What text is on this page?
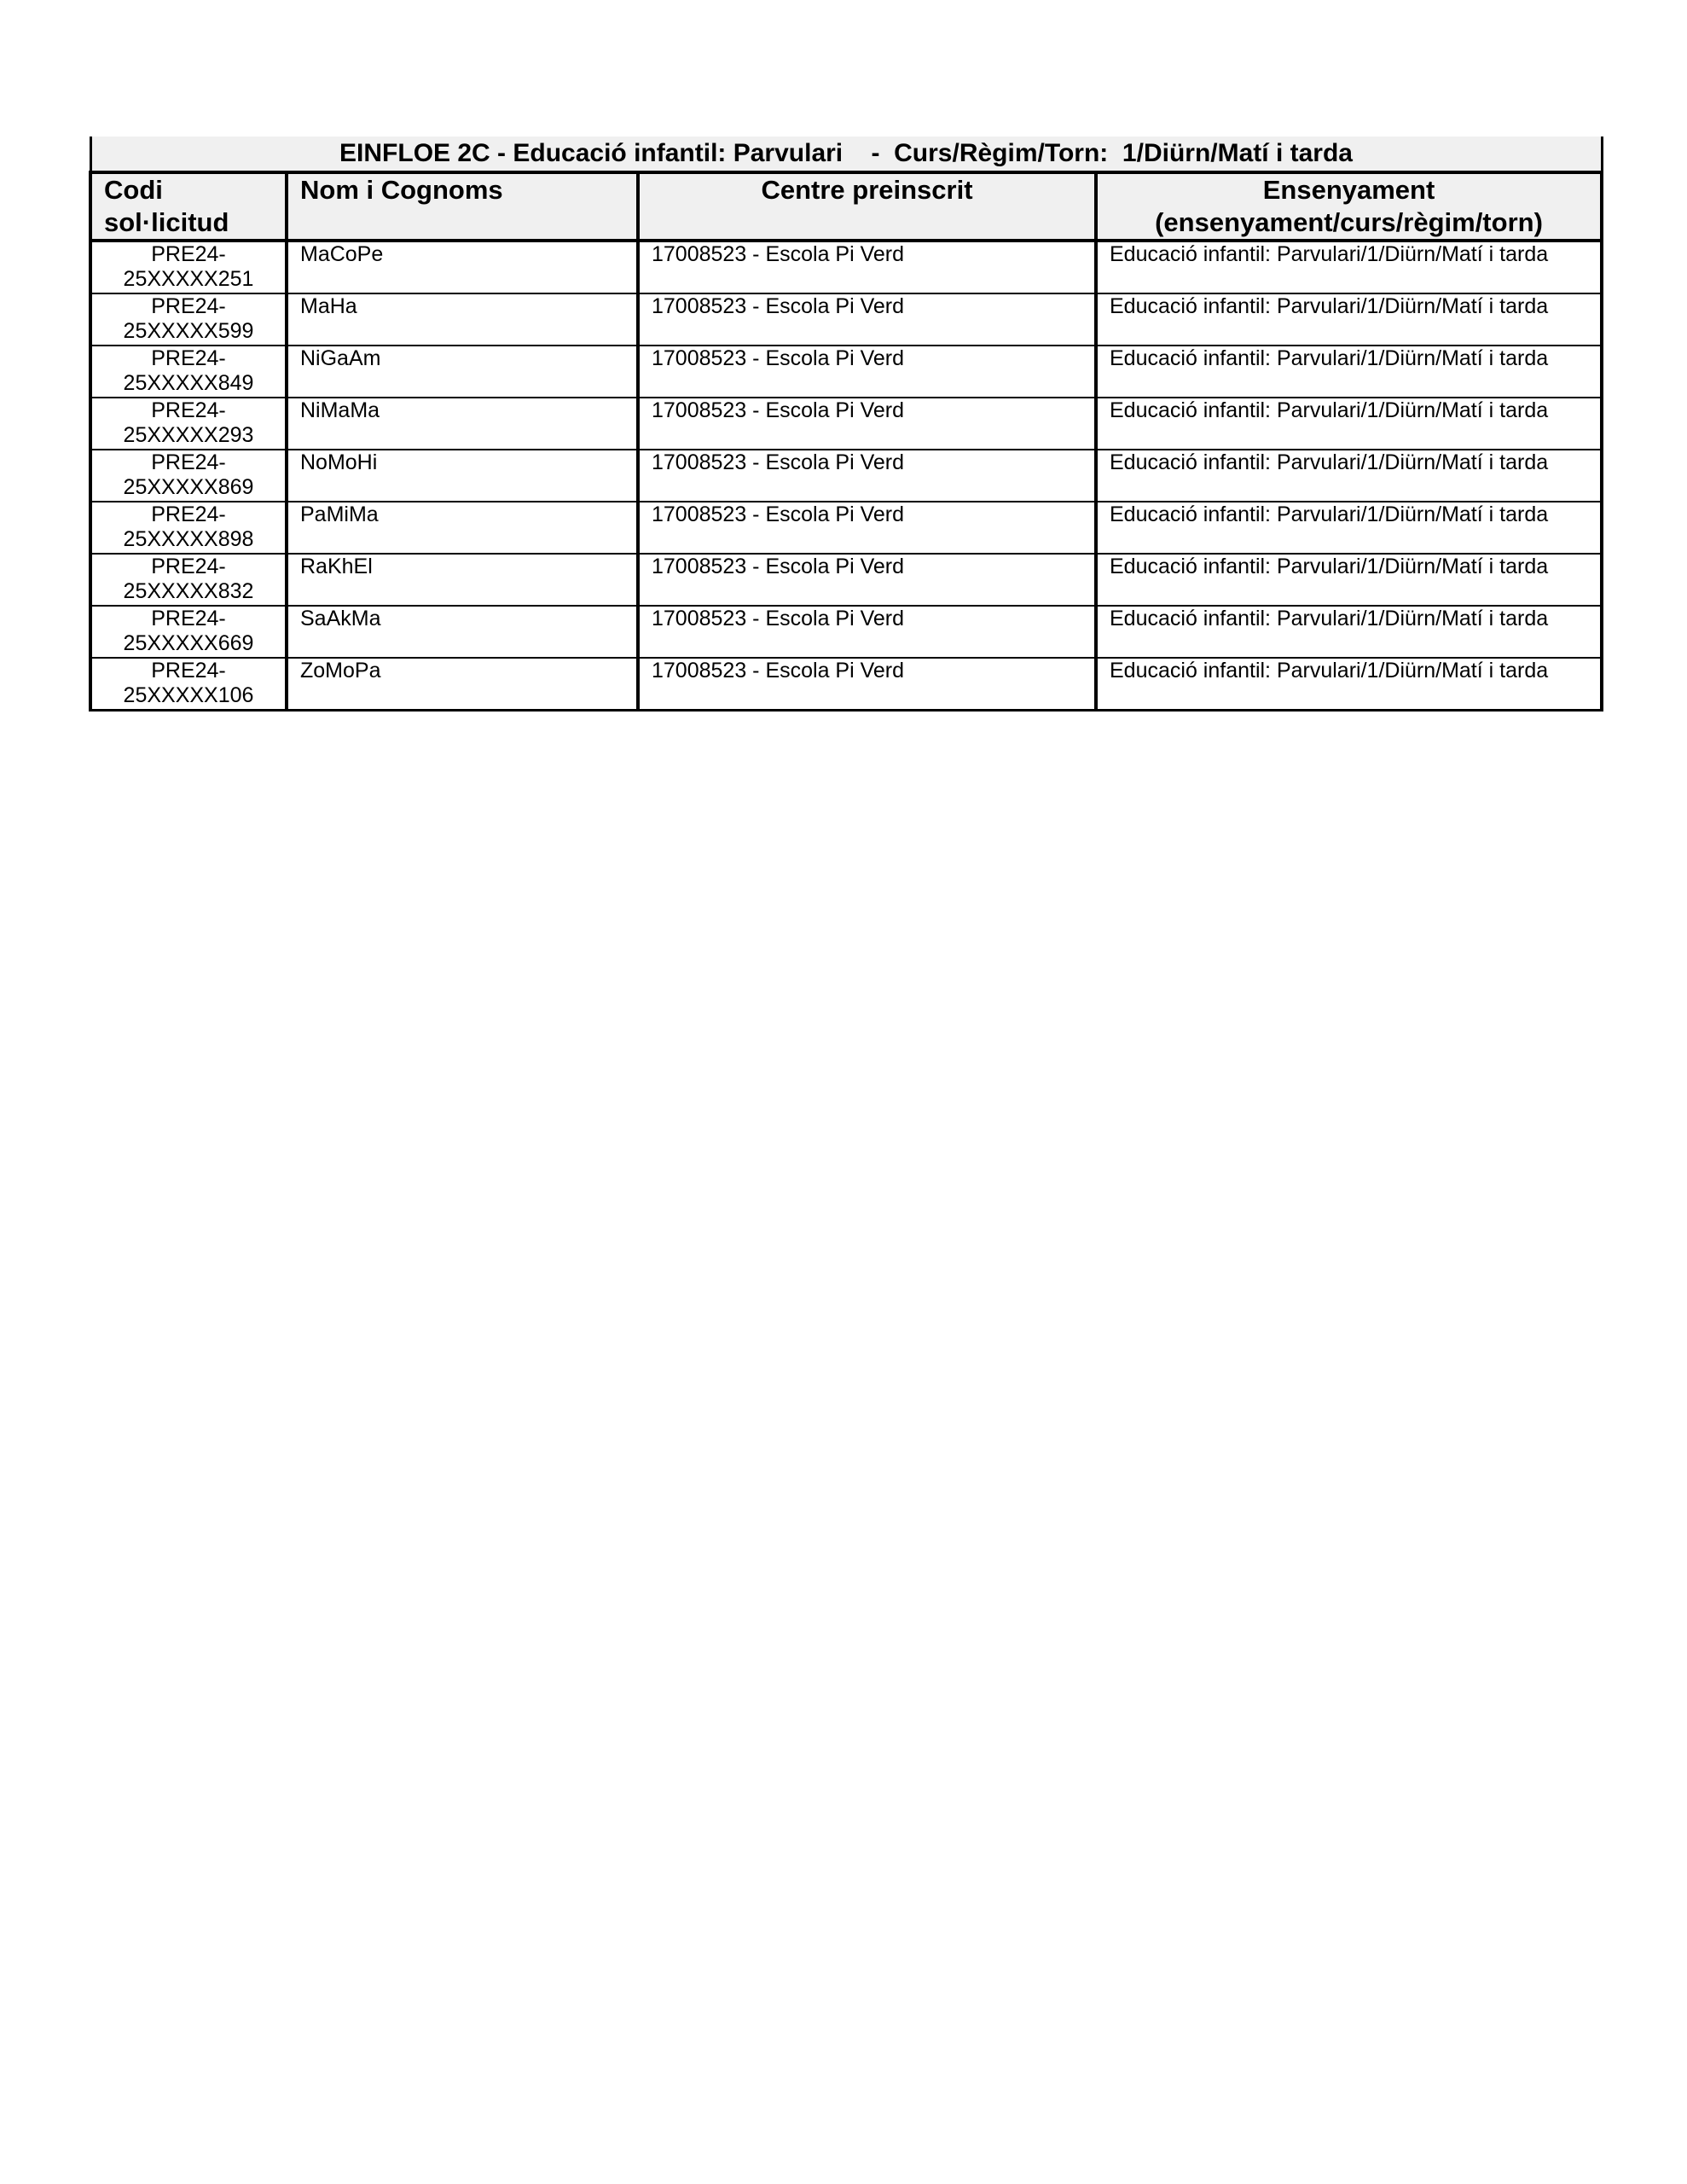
EINFLOE 2C - Educació infantil: Parvulari    -  Curs/Règim/Torn:  1/Diürn/Matí i tarda			
Codi
sol·licitud	Nom i Cognoms	Centre preinscrit	Ensenyament
(ensenyament/curs/règim/torn)

PRE24-
25XXXXX251	MaCoPe	17008523 - Escola Pi Verd	Educació infantil: Parvulari/1/Diürn/Matí i tarda

PRE24-
25XXXXX599	MaHa	17008523 - Escola Pi Verd	Educació infantil: Parvulari/1/Diürn/Matí i tarda

PRE24-
25XXXXX849	NiGaAm	17008523 - Escola Pi Verd	Educació infantil: Parvulari/1/Diürn/Matí i tarda

PRE24-
25XXXXX293	NiMaMa	17008523 - Escola Pi Verd	Educació infantil: Parvulari/1/Diürn/Matí i tarda

PRE24-
25XXXXX869	NoMoHi	17008523 - Escola Pi Verd	Educació infantil: Parvulari/1/Diürn/Matí i tarda

PRE24-
25XXXXX898	PaMiMa	17008523 - Escola Pi Verd	Educació infantil: Parvulari/1/Diürn/Matí i tarda

PRE24-
25XXXXX832	RaKhEl	17008523 - Escola Pi Verd	Educació infantil: Parvulari/1/Diürn/Matí i tarda

PRE24-
25XXXXX669	SaAkMa	17008523 - Escola Pi Verd	Educació infantil: Parvulari/1/Diürn/Matí i tarda

PRE24-
25XXXXX106	ZoMoPa	17008523 - Escola Pi Verd	Educació infantil: Parvulari/1/Diürn/Matí i tarda
